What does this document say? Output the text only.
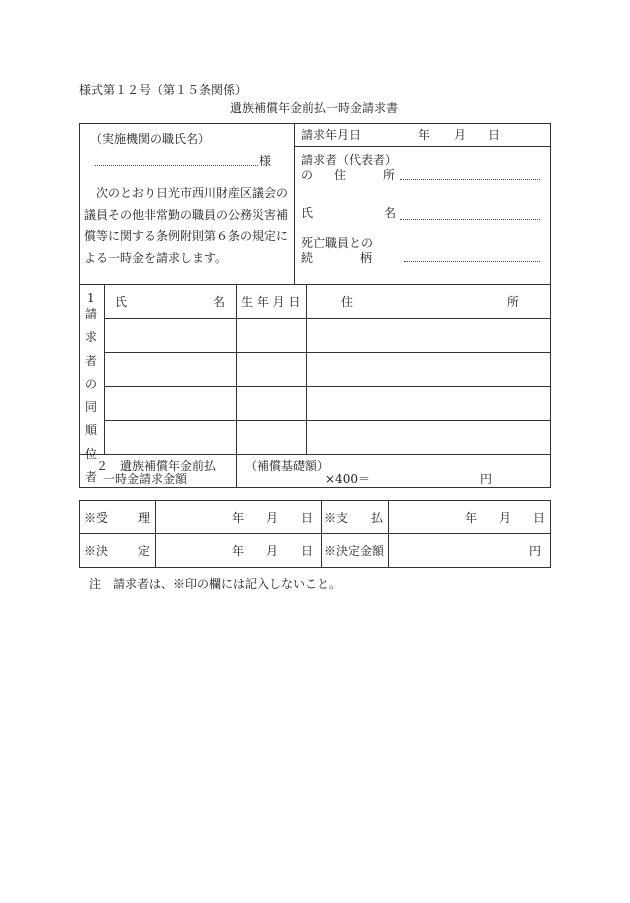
様式第１２号（第１５条関係）
遺族補償年金前払一時金請求書
（実施機関の職氏名）
様
次のとおり日光市西川財産区議会の
議員その他非常勤の職員の公務災害補
償等に関する条例附則第６条の規定に
よる一時金を請求します。
請求年月日	年 月 日
請求者（代表者）
の 住	所
氏	名
死亡職員との
続	柄
1
請
求
者
の
同
順
位
者
氏	名 生 年 月 日	住	所
２　遺族補償年金前払
一時金請求金額
（補償基礎額）
×400＝	円
※受 理	年 月 日 ※支 払	年 月 日
※決 定	年 月 日 ※決定金額	円
注　請求者は、※印の欄には記入しないこと。
